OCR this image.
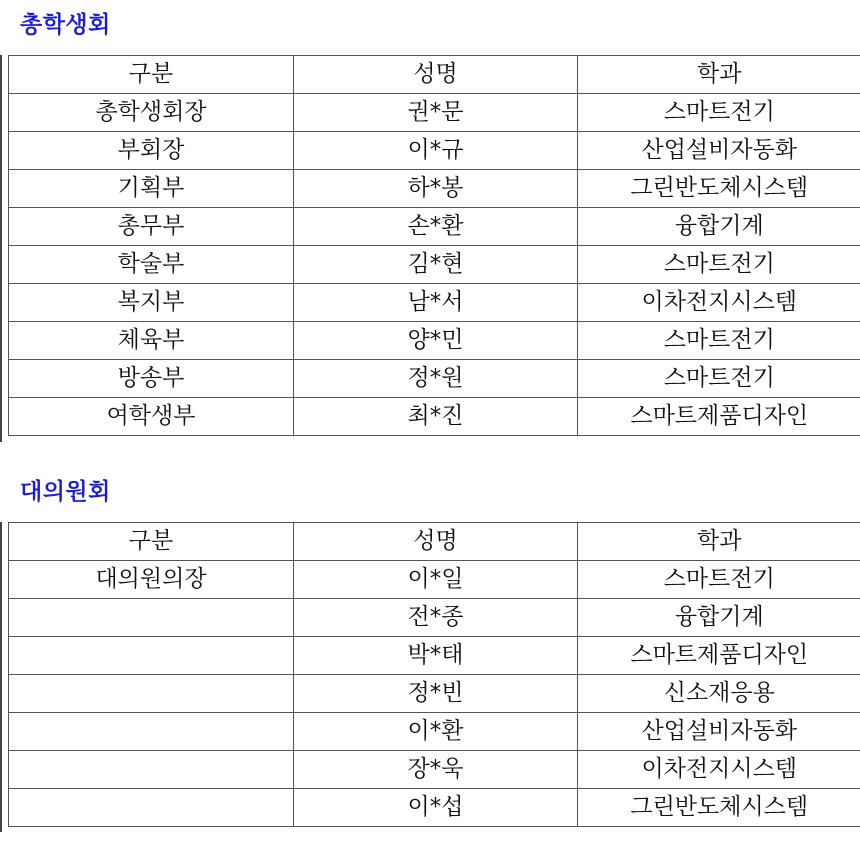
총학생회
구분	성명	학과
총학생회장	권*문	스마트전기
부회장	이*규	산업설비자동화
기획부	하*봉	그린반도체시스템
총무부	손*환	융합기계
학술부	김*현	스마트전기
복지부	남*서	이차전지시스템
체육부	양*민	스마트전기
방송부	정*원	스마트전기
여학생부	최*진	스마트제품디자인
대의원회
구분	성명	학과
대의원의장	이*일	스마트전기
	전*종	융합기계
	박*태	스마트제품디자인
	정*빈	신소재응용
	이*환	산업설비자동화
	장*욱	이차전지시스템
	이*섭	그린반도체시스템
